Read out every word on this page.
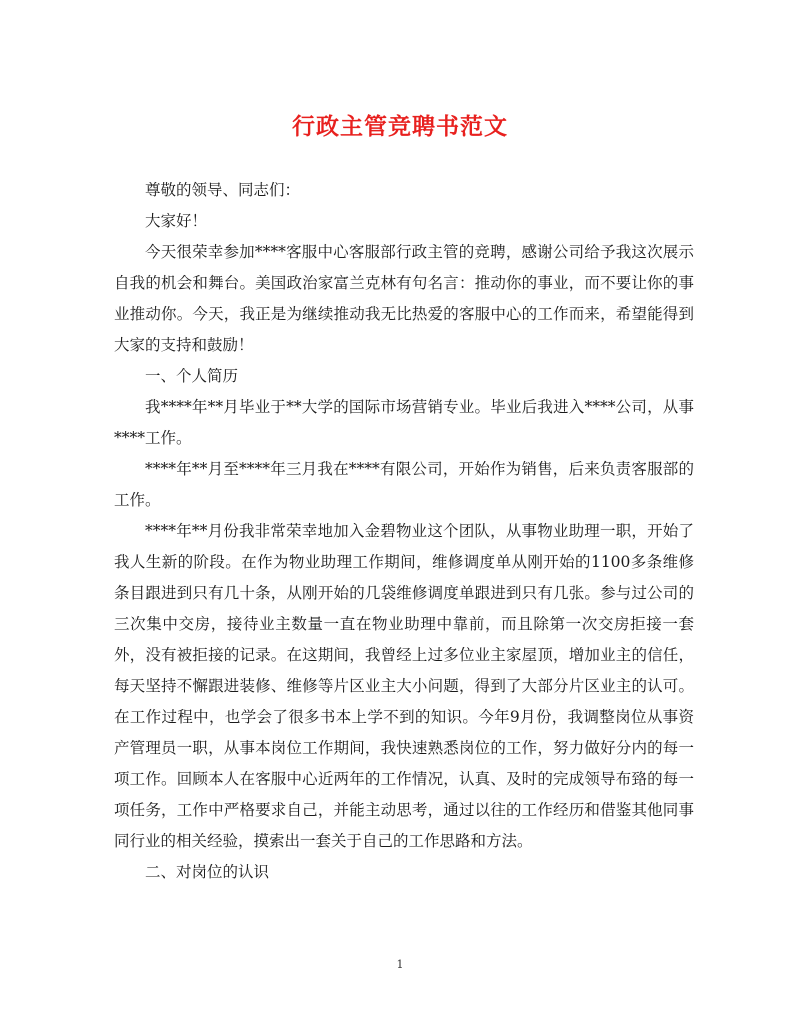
行政主管竞聘书范文

尊敬的领导、同志们：

大家好！

今天很荣幸参加****客服中心客服部行政主管的竞聘，感谢公司给予我这次展示自我的机会和舞台。美国政治家富兰克林有句名言：推动你的事业，而不要让你的事业推动你。今天，我正是为继续推动我无比热爱的客服中心的工作而来，希望能得到大家的支持和鼓励！

一、个人简历

我****年**月毕业于**大学的国际市场营销专业。毕业后我进入****公司，从事****工作。

****年**月至****年三月我在****有限公司，开始作为销售，后来负责客服部的工作。

****年**月份我非常荣幸地加入金碧物业这个团队，从事物业助理一职，开始了我人生新的阶段。在作为物业助理工作期间，维修调度单从刚开始的1100多条维修条目跟进到只有几十条，从刚开始的几袋维修调度单跟进到只有几张。参与过公司的三次集中交房，接待业主数量一直在物业助理中靠前，而且除第一次交房拒接一套外，没有被拒接的记录。在这期间，我曾经上过多位业主家屋顶，增加业主的信任，每天坚持不懈跟进装修、维修等片区业主大小问题，得到了大部分片区业主的认可。在工作过程中，也学会了很多书本上学不到的知识。今年9月份，我调整岗位从事资产管理员一职，从事本岗位工作期间，我快速熟悉岗位的工作，努力做好分内的每一项工作。回顾本人在客服中心近两年的工作情况，认真、及时的完成领导布臵的每一项任务，工作中严格要求自己，并能主动思考，通过以往的工作经历和借鉴其他同事同行业的相关经验，摸索出一套关于自己的工作思路和方法。

二、对岗位的认识

1
